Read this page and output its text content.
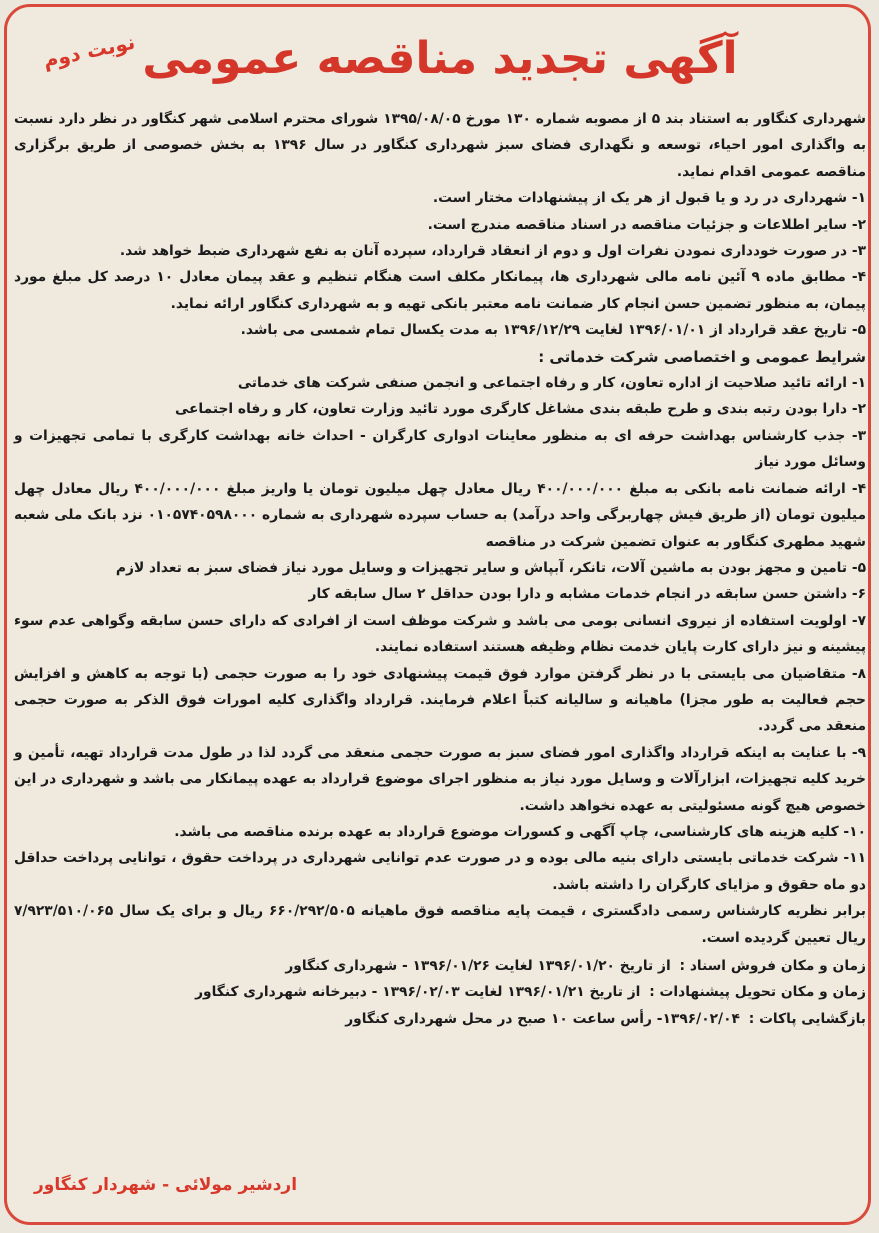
نوبت دوم آگهی تجدید مناقصه عمومی

شهرداری کنگاور به استناد بند ۵ از مصوبه شماره ۱۳۰ مورخ ۱۳۹۵/۰۸/۰۵ شورای محترم اسلامی شهر کنگاور در نظر دارد نسبت به واگذاری امور احیاء، توسعه و نگهداری فضای سبز شهرداری کنگاور در سال ۱۳۹۶ به بخش خصوصی از طریق برگزاری مناقصه عمومی اقدام نماید.

۱- شهرداری در رد و یا قبول از هر یک از پیشنهادات مختار است.

۲- سایر اطلاعات و جزئیات مناقصه در اسناد مناقصه مندرج است.

۳- در صورت خودداری نمودن نفرات اول و دوم از انعقاد قرارداد، سپرده آنان به نفع شهرداری ضبط خواهد شد.

۴- مطابق ماده ۹ آئین نامه مالی شهرداری ها، پیمانکار مکلف است هنگام تنظیم و عقد پیمان معادل ۱۰ درصد کل مبلغ مورد پیمان، به منظور تضمین حسن انجام کار ضمانت نامه معتبر بانکی تهیه و به شهرداری کنگاور ارائه نماید.

۵- تاریخ عقد قرارداد از ۱۳۹۶/۰۱/۰۱ لغایت ۱۳۹۶/۱۲/۲۹ به مدت یکسال تمام شمسی می باشد.

شرایط عمومی و اختصاصی شرکت خدماتی :

۱- ارائه تائید صلاحیت از اداره تعاون، کار و رفاه اجتماعی و انجمن صنفی شرکت های خدماتی

۲- دارا بودن رتبه بندی و طرح طبقه بندی مشاغل کارگری مورد تائید وزارت تعاون، کار و رفاه اجتماعی

۳- جذب کارشناس بهداشت حرفه ای به منظور معاینات ادواری کارگران - احداث خانه بهداشت کارگری با تمامی تجهیزات و وسائل مورد نیاز

۴- ارائه ضمانت نامه بانکی به مبلغ ۴۰۰/۰۰۰/۰۰۰ ریال معادل چهل میلیون تومان یا واریز مبلغ ۴۰۰/۰۰۰/۰۰۰ ریال معادل چهل میلیون تومان (از طریق فیش چهاربرگی واحد درآمد) به حساب سپرده شهرداری به شماره ۰۱۰۵۷۴۰۵۹۸۰۰۰ نزد بانک ملی شعبه شهید مطهری کنگاور به عنوان تضمین شرکت در مناقصه

۵- تامین و مجهز بودن به ماشین آلات، تانکر، آبپاش و سایر تجهیزات و وسایل مورد نیاز فضای سبز به تعداد لازم

۶- داشتن حسن سابقه در انجام خدمات مشابه و دارا بودن حداقل ۲ سال سابقه کار

۷- اولویت استفاده از نیروی انسانی بومی می باشد و شرکت موظف است از افرادی که دارای حسن سابقه وگواهی عدم سوء پیشینه و نیز دارای کارت پایان خدمت نظام وظیفه هستند استفاده نمایند.

۸- متقاضیان می بایستی با در نظر گرفتن موارد فوق قیمت پیشنهادی خود را به صورت حجمی (با توجه به کاهش و افزایش حجم فعالیت به طور مجزا) ماهیانه و سالیانه کتباً اعلام فرمایند. قرارداد واگذاری کلیه امورات فوق الذکر به صورت حجمی منعقد می گردد.

۹- با عنایت به اینکه قرارداد واگذاری امور فضای سبز به صورت حجمی منعقد می گردد لذا در طول مدت قرارداد تهیه، تأمین و خرید کلیه تجهیزات، ابزارآلات و وسایل مورد نیاز به منظور اجرای موضوع قرارداد به عهده پیمانکار می باشد و شهرداری در این خصوص هیچ گونه مسئولیتی به عهده نخواهد داشت.

۱۰- کلیه هزینه های کارشناسی، چاپ آگهی و کسورات موضوع قرارداد به عهده برنده مناقصه می باشد.

۱۱- شرکت خدماتی بایستی دارای بنیه مالی بوده و در صورت عدم توانایی شهرداری در پرداخت حقوق ، توانایی پرداخت حداقل دو ماه حقوق و مزایای کارگران را داشته باشد.

برابر نظریه کارشناس رسمی دادگستری ، قیمت پایه مناقصه فوق ماهیانه ۶۶۰/۲۹۲/۵۰۵ ریال و برای یک سال ۷/۹۲۳/۵۱۰/۰۶۵ ریال تعیین گردیده است.

زمان و مکان فروش اسناد : از تاریخ ۱۳۹۶/۰۱/۲۰ لغایت ۱۳۹۶/۰۱/۲۶ - شهرداری کنگاور

زمان و مکان تحویل پیشنهادات : از تاریخ ۱۳۹۶/۰۱/۲۱ لغایت ۱۳۹۶/۰۲/۰۳ - دبیرخانه شهرداری کنگاور

بازگشایی پاکات : ۱۳۹۶/۰۲/۰۴- رأس ساعت ۱۰ صبح در محل شهرداری کنگاور

اردشیر مولائی - شهردار کنگاور
